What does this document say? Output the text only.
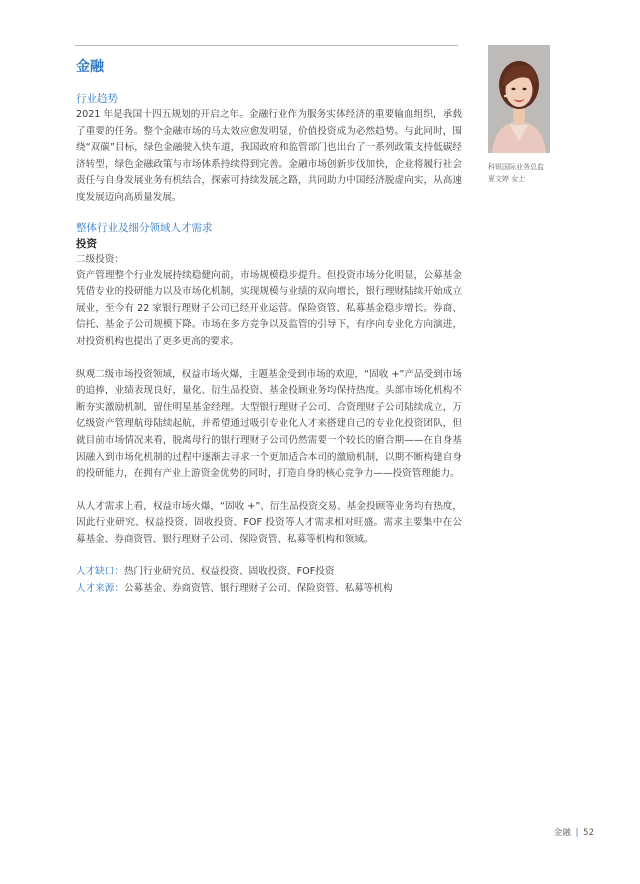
金融

行业趋势

2021 年是我国十四五规划的开启之年。金融行业作为服务实体经济的重要输血组织，承载了重要的任务。整个金融市场的马太效应愈发明显，价值投资成为必然趋势。与此同时，围绕“双碳”目标，绿色金融驶入快车道，我国政府和监管部门也出台了一系列政策支持低碳经济转型，绿色金融政策与市场体系持续得到完善。金融市场创新步伐加快，企业将履行社会责任与自身发展业务有机结合，探索可持续发展之路，共同助力中国经济脱虚向实，从高速度发展迈向高质量发展。

整体行业及细分领域人才需求

投资

二级投资：

资产管理整个行业发展持续稳健向前，市场规模稳步提升。但投资市场分化明显，公募基金凭借专业的投研能力以及市场化机制，实现规模与业绩的双向增长，银行理财陆续开始成立展业，至今有 22 家银行理财子公司已经开业运营。保险资管、私募基金稳步增长。券商、信托、基金子公司规模下降。市场在多方竞争以及监管的引导下，有序向专业化方向演进，对投资机构也提出了更多更高的要求。

纵观二级市场投资领域，权益市场火爆，主题基金受到市场的欢迎，“固收 +”产品受到市场的追捧，业绩表现良好，量化、衍生品投资、基金投顾业务均保持热度。头部市场化机构不断夯实激励机制，留住明星基金经理。大型银行理财子公司、合资理财子公司陆续成立，万亿级资产管理航母陆续起航，并希望通过吸引专业化人才来搭建自己的专业化投资团队，但就目前市场情况来看，脱离母行的银行理财子公司仍然需要一个较长的磨合期——在自身基因融入到市场化机制的过程中逐渐去寻求一个更加适合本司的激励机制，以期不断构建自身的投研能力，在拥有产业上游资金优势的同时，打造自身的核心竞争力——投资管理能力。

从人才需求上看，权益市场火爆，“固收 +”、衍生品投资交易、基金投顾等业务均有热度，因此行业研究、权益投资、固收投资、FOF 投资等人才需求相对旺盛。需求主要集中在公募基金、券商资管、银行理财子公司、保险资管、私募等机构和领域。

人才缺口：热门行业研究员、权益投资、固收投资、FOF投资

人才来源：公募基金、券商资管、银行理财子公司、保险资管、私募等机构

科锐国际业务总监
夏文婷 女士
金融 | 52
